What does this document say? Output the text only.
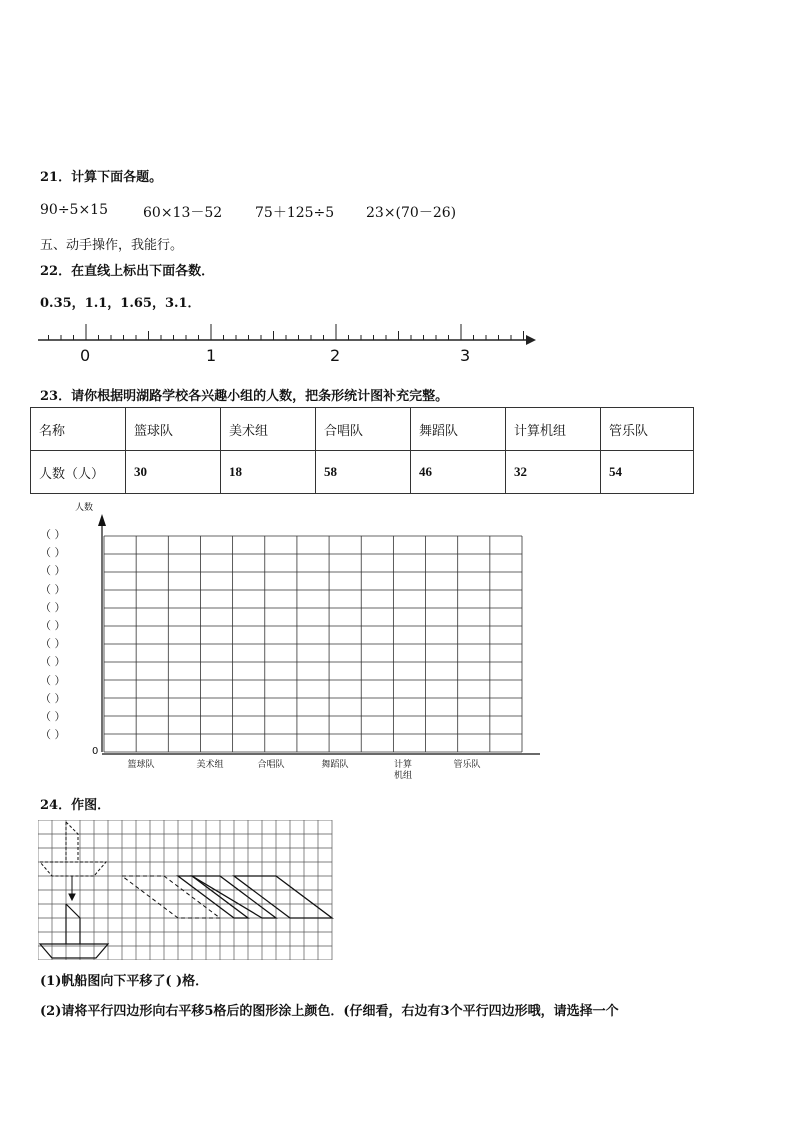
21．计算下面各题。
90÷5×15	60×13－52 75＋125÷5 23×(70－26)
五、动手操作，我能行。
22．在直线上标出下面各数．
0.35，1.1，1.65，3.1．
0	1	2	3
23．请你根据明湖路学校各兴趣小组的人数，把条形统计图补充完整。
名称	篮球队	美术组	合唱队	舞蹈队	计算机组	管乐队
人数（人）	30	18	58	46	32	54
人数
0
（ ）
（ ）
（ ）
（ ）
（ ）
（ ）
（ ）
（ ）
（ ）
（ ）
（ ）
（ ）
篮球队	美术组	合唱队	舞蹈队	计算
机组
管乐队
24．作图．
(1)帆船图向下平移了( )格．
(2)请将平行四边形向右平移5格后的图形涂上颜色．(仔细看，右边有3个平行四边形哦，请选择一个
